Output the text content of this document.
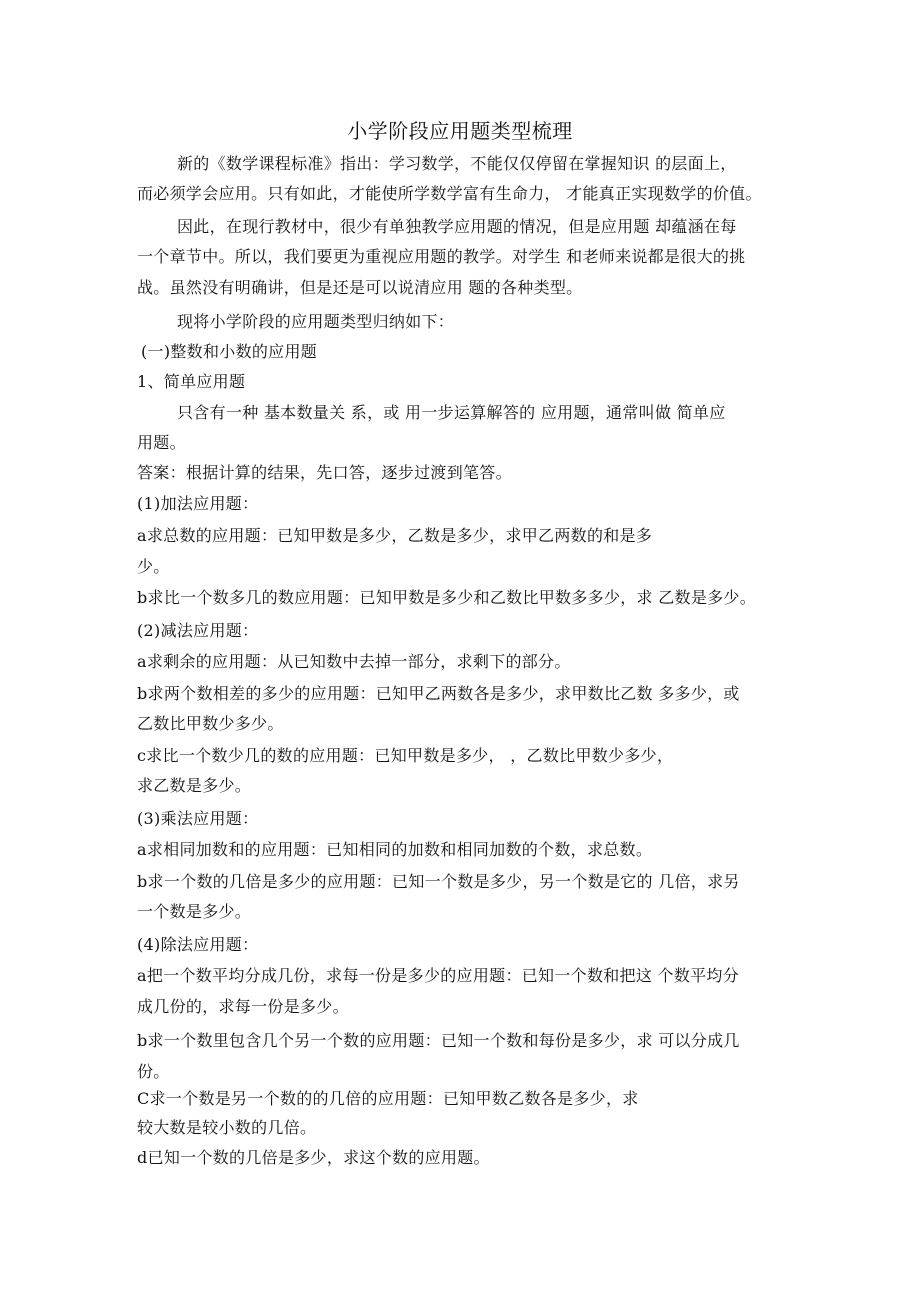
小学阶段应用题类型梳理
新的《数学课程标准》指出：学习数学，不能仅仅停留在掌握知识 的层面上，
而必须学会应用。只有如此，才能使所学数学富有生命力， 才能真正实现数学的价值。
因此，在现行教材中，很少有单独教学应用题的情况，但是应用题 却蕴涵在每
一个章节中。所以，我们要更为重视应用题的教学。对学生 和老师来说都是很大的挑
战。虽然没有明确讲，但是还是可以说清应用 题的各种类型。
现将小学阶段的应用题类型归纳如下：
(一)整数和小数的应用题
1、简单应用题
只含有一种 基本数量关 系，或 用一步运算解答的 应用题，通常叫做 简单应
用题。
答案：根据计算的结果，先口答，逐步过渡到笔答。
(1)加法应用题：
a求总数的应用题：已知甲数是多少，乙数是多少，求甲乙两数的和是多
少。
b求比一个数多几的数应用题：已知甲数是多少和乙数比甲数多多少，求 乙数是多少。
(2)减法应用题：
a求剩余的应用题：从已知数中去掉一部分，求剩下的部分。
b求两个数相差的多少的应用题：已知甲乙两数各是多少，求甲数比乙数 多多少，或
乙数比甲数少多少。
c求比一个数少几的数的应用题：已知甲数是多少， ，乙数比甲数少多少，
求乙数是多少。
(3)乘法应用题：
a求相同加数和的应用题：已知相同的加数和相同加数的个数，求总数。
b求一个数的几倍是多少的应用题：已知一个数是多少，另一个数是它的 几倍，求另
一个数是多少。
(4)除法应用题：
a把一个数平均分成几份，求每一份是多少的应用题：已知一个数和把这 个数平均分
成几份的，求每一份是多少。
b求一个数里包含几个另一个数的应用题：已知一个数和每份是多少，求 可以分成几
份。
C求一个数是另一个数的的几倍的应用题：已知甲数乙数各是多少，求
较大数是较小数的几倍。
d已知一个数的几倍是多少，求这个数的应用题。
